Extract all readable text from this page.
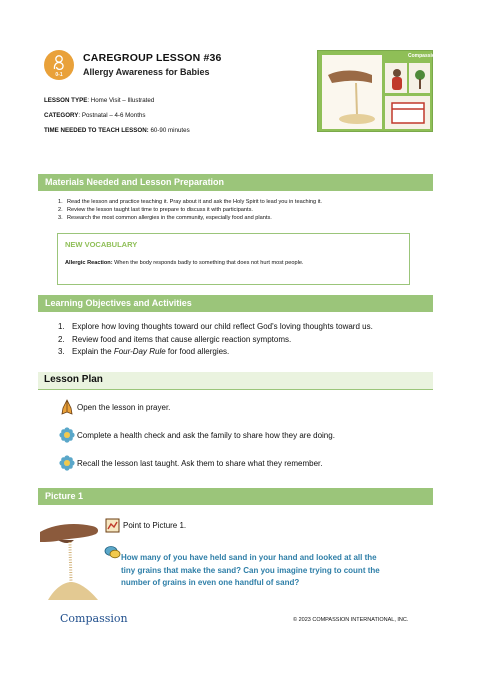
0-1
CAREGROUP LESSON #36
Allergy Awareness for Babies
LESSON TYPE: Home Visit – Illustrated
CATEGORY: Postnatal – 4-6 Months
TIME NEEDED TO TEACH LESSON: 60-90 minutes
Compassion
Materials Needed and Lesson Preparation
1. Read the lesson and practice teaching it. Pray about it and ask the Holy Spirit to lead you in teaching it.
2. Review the lesson taught last time to prepare to discuss it with participants.
3. Research the most common allergies in the community, especially food and plants.
NEW VOCABULARY
Allergic Reaction: When the body responds badly to something that does not hurt most people.
Learning Objectives and Activities
1. Explore how loving thoughts toward our child reflect God's loving thoughts toward us.
2. Review food and items that cause allergic reaction symptoms.
3. Explain the Four-Day Rule for food allergies.
Lesson Plan
Open the lesson in prayer.
Complete a health check and ask the family to share how they are doing.
Recall the lesson last taught. Ask them to share what they remember.
Picture 1
Point to Picture 1.
How many of you have held sand in your hand and looked at all the tiny grains that make the sand? Can you imagine trying to count the number of grains in even one handful of sand?
Compassion	© 2023 COMPASSION INTERNATIONAL, INC.
